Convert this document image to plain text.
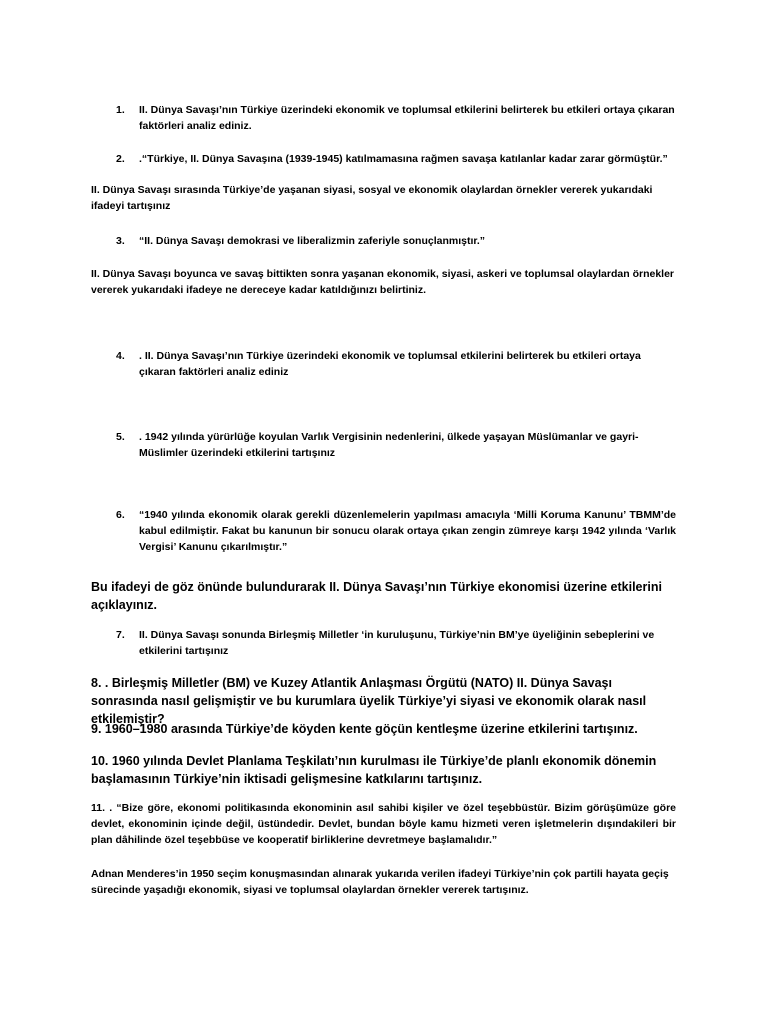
1. II. Dünya Savaşı’nın Türkiye üzerindeki ekonomik ve toplumsal etkilerini belirterek bu etkileri ortaya çıkaran faktörleri analiz ediniz.
2. .“Türkiye, II. Dünya Savaşına (1939-1945) katılmamasına rağmen savaşa katılanlar kadar zarar görmüştür.”
II. Dünya Savaşı sırasında Türkiye’de yaşanan siyasi, sosyal ve ekonomik olaylardan örnekler vererek yukarıdaki ifadeyi tartışınız
3. “II. Dünya Savaşı demokrasi ve liberalizmin zaferiyle sonuçlanmıştır.”
II. Dünya Savaşı boyunca ve savaş bittikten sonra yaşanan ekonomik, siyasi, askeri ve toplumsal olaylardan örnekler vererek yukarıdaki ifadeye ne dereceye kadar katıldığınızı belirtiniz.
4. . II. Dünya Savaşı’nın Türkiye üzerindeki ekonomik ve toplumsal etkilerini belirterek bu etkileri ortaya çıkaran faktörleri analiz ediniz
5. . 1942 yılında yürürlüğe koyulan Varlık Vergisinin nedenlerini, ülkede yaşayan Müslümanlar ve gayri-Müslimler üzerindeki etkilerini tartışınız
6. “1940 yılında ekonomik olarak gerekli düzenlemelerin yapılması amacıyla ‘Milli Koruma Kanunu’ TBMM’de kabul edilmiştir. Fakat bu kanunun bir sonucu olarak ortaya çıkan zengin zümreye karşı 1942 yılında ‘Varlık Vergisi’ Kanunu çıkarılmıştır.”
Bu ifadeyi de göz önünde bulundurarak II. Dünya Savaşı’nın Türkiye ekonomisi üzerine etkilerini açıklayınız.
7. II. Dünya Savaşı sonunda Birleşmiş Milletler ‘in kuruluşunu, Türkiye’nin BM’ye üyeliğinin sebeplerini ve etkilerini tartışınız
8. . Birleşmiş Milletler (BM) ve Kuzey Atlantik Anlaşması Örgütü (NATO) II. Dünya Savaşı sonrasında nasıl gelişmiştir ve bu kurumlara üyelik Türkiye’yi siyasi ve ekonomik olarak nasıl etkilemiştir?
9. 1960–1980 arasında Türkiye’de köyden kente göçün kentleşme üzerine etkilerini tartışınız.
10. 1960 yılında Devlet Planlama Teşkilatı’nın kurulması ile Türkiye’de planlı ekonomik dönemin başlamasının Türkiye’nin iktisadi gelişmesine katkılarını tartışınız.
11. . “Bize göre, ekonomi politikasında ekonominin asıl sahibi kişiler ve özel teşebbüstür. Bizim görüşümüze göre devlet, ekonominin içinde değil, üstündedir. Devlet, bundan böyle kamu hizmeti veren işletmelerin dışındakileri bir plan dâhilinde özel teşebbüse ve kooperatif birliklerine devretmeye başlamalıdır.”
Adnan Menderes’in 1950 seçim konuşmasından alınarak yukarıda verilen ifadeyi Türkiye’nin çok partili hayata geçiş sürecinde yaşadığı ekonomik, siyasi ve toplumsal olaylardan örnekler vererek tartışınız.
